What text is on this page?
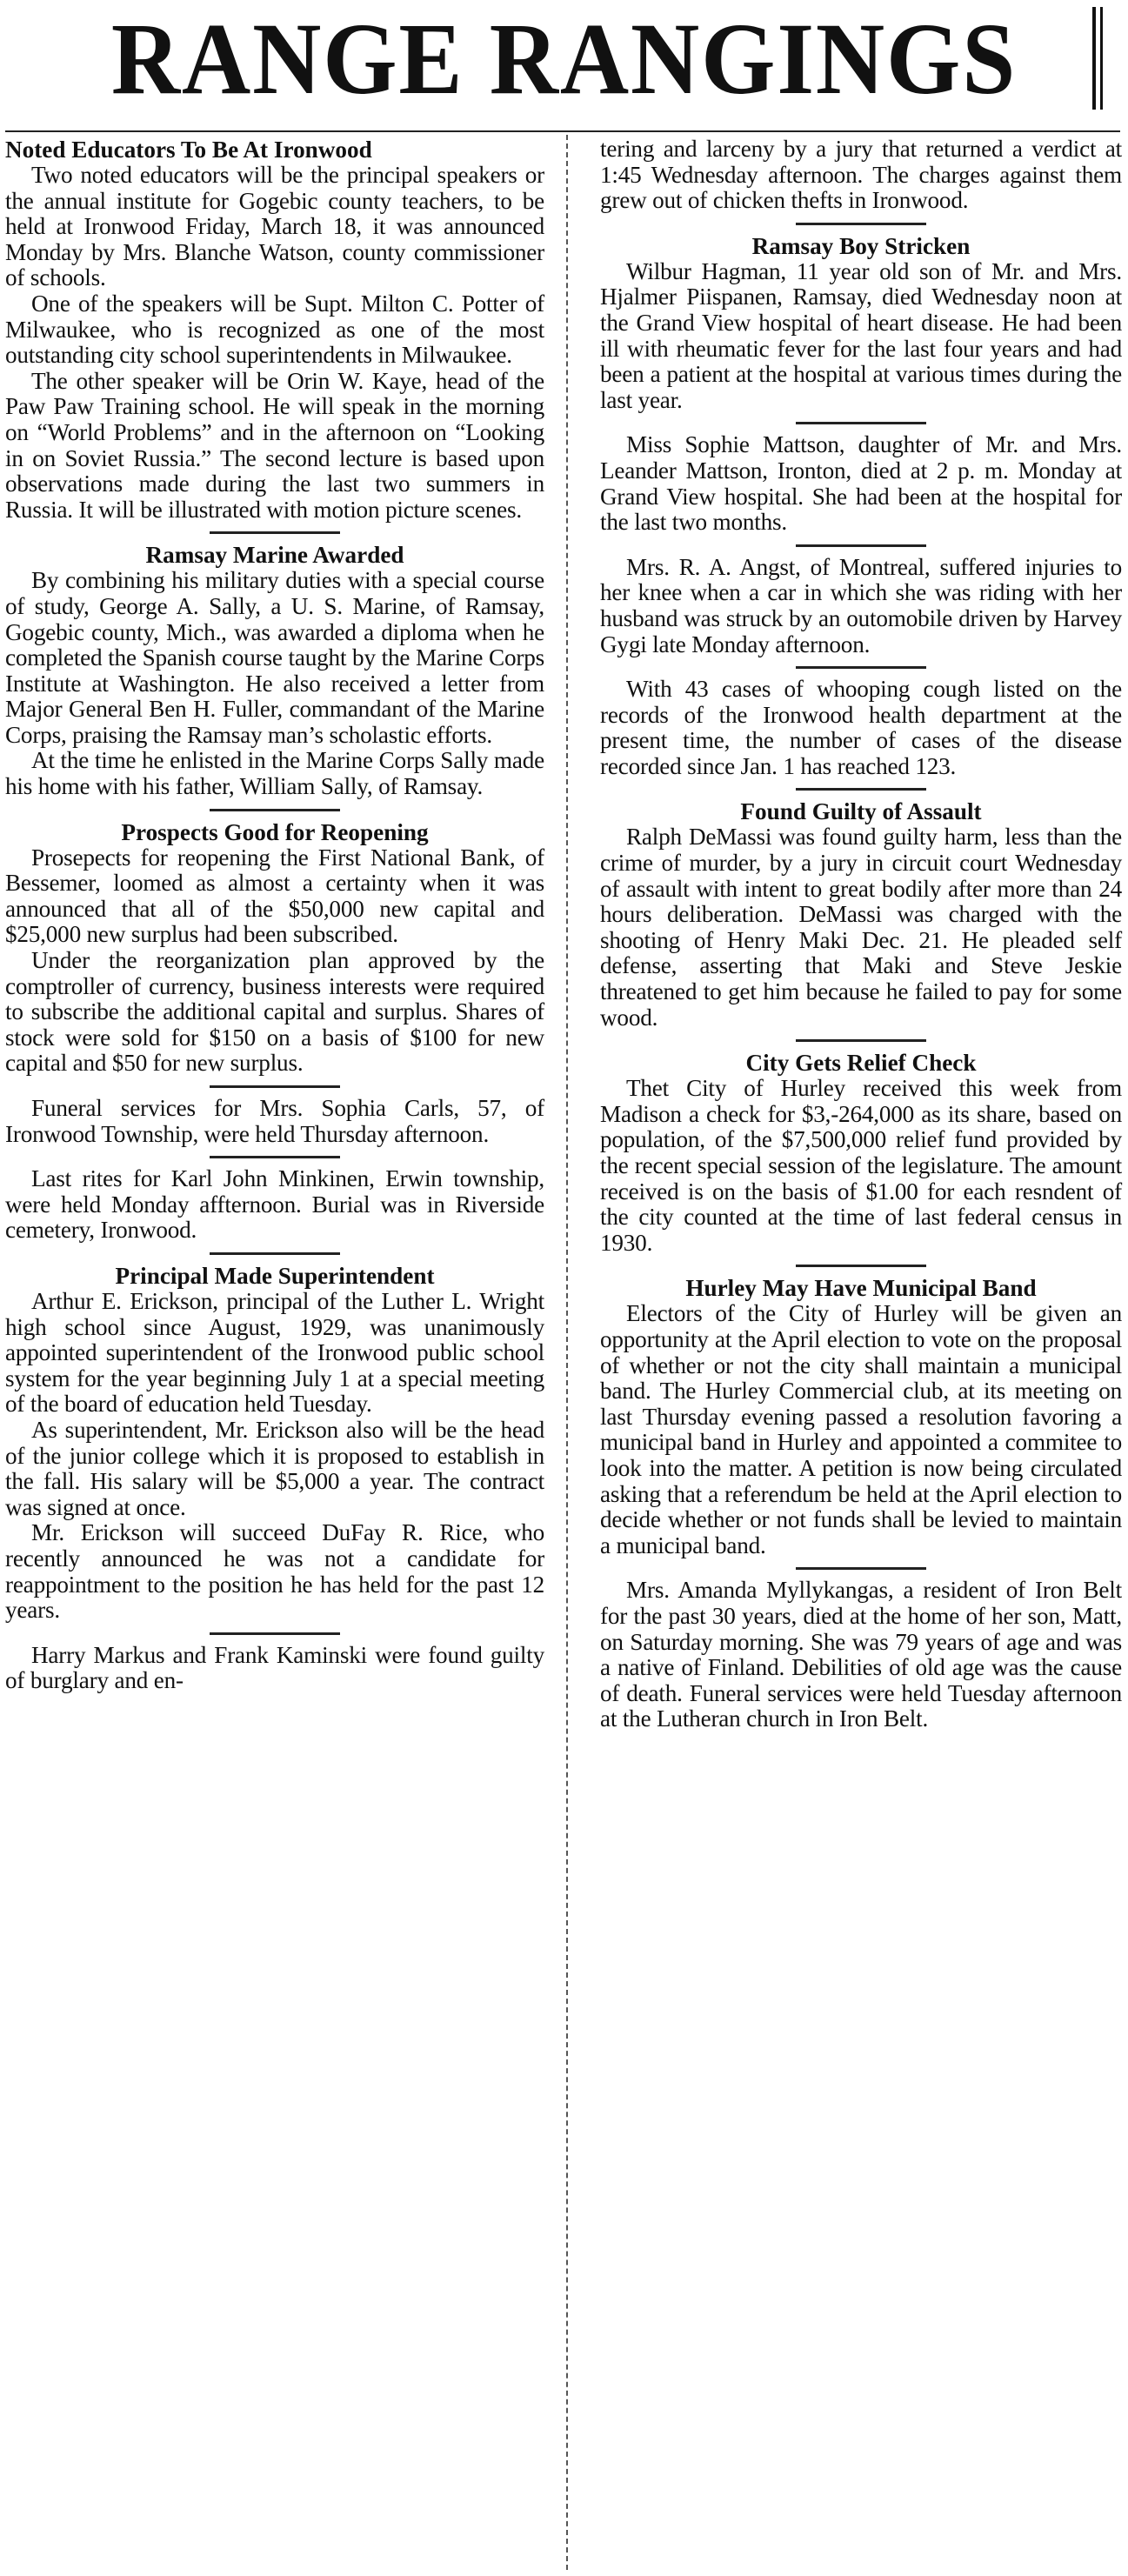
RANGE RANGINGS
Noted Educators To Be At Ironwood

Two noted educators will be the principal speakers or the annual institute for Gogebic county teachers, to be held at Ironwood Friday, March 18, it was announced Monday by Mrs. Blanche Watson, county commissioner of schools.

One of the speakers will be Supt. Milton C. Potter of Milwaukee, who is recognized as one of the most outstanding city school superintendents in Milwaukee.

The other speaker will be Orin W. Kaye, head of the Paw Paw Training school. He will speak in the morning on “World Problems” and in the afternoon on “Looking in on Soviet Russia.” The second lecture is based upon observations made during the last two summers in Russia. It will be illustrated with motion picture scenes.

Ramsay Marine Awarded

By combining his military duties with a special course of study, George A. Sally, a U. S. Marine, of Ramsay, Gogebic county, Mich., was awarded a diploma when he completed the Spanish course taught by the Marine Corps Institute at Washington. He also received a letter from Major General Ben H. Fuller, commandant of the Marine Corps, praising the Ramsay man’s scholastic efforts.

At the time he enlisted in the Marine Corps Sally made his home with his father, William Sally, of Ramsay.

Prospects Good for Reopening

Prosepects for reopening the First National Bank, of Bessemer, loomed as almost a certainty when it was announced that all of the $50,000 new capital and $25,000 new surplus had been subscribed.

Under the reorganization plan approved by the comptroller of currency, business interests were required to subscribe the additional capital and surplus. Shares of stock were sold for $150 on a basis of $100 for new capital and $50 for new surplus.

Funeral services for Mrs. Sophia Carls, 57, of Ironwood Township, were held Thursday afternoon.

Last rites for Karl John Minkinen, Erwin township, were held Monday affternoon. Burial was in Riverside cemetery, Ironwood.

Principal Made Superintendent

Arthur E. Erickson, principal of the Luther L. Wright high school since August, 1929, was unanimously appointed superintendent of the Ironwood public school system for the year beginning July 1 at a special meeting of the board of education held Tuesday.

As superintendent, Mr. Erickson also will be the head of the junior college which it is proposed to establish in the fall. His salary will be $5,000 a year. The contract was signed at once.

Mr. Erickson will succeed DuFay R. Rice, who recently announced he was not a candidate for reappointment to the position he has held for the past 12 years.

Harry Markus and Frank Kaminski were found guilty of burglary and en-

tering and larceny by a jury that returned a verdict at 1:45 Wednesday afternoon. The charges against them grew out of chicken thefts in Ironwood.

Ramsay Boy Stricken

Wilbur Hagman, 11 year old son of Mr. and Mrs. Hjalmer Piispanen, Ramsay, died Wednesday noon at the Grand View hospital of heart disease. He had been ill with rheumatic fever for the last four years and had been a patient at the hospital at various times during the last year.

Miss Sophie Mattson, daughter of Mr. and Mrs. Leander Mattson, Ironton, died at 2 p. m. Monday at Grand View hospital. She had been at the hospital for the last two months.

Mrs. R. A. Angst, of Montreal, suffered injuries to her knee when a car in which she was riding with her husband was struck by an outomobile driven by Harvey Gygi late Monday afternoon.

With 43 cases of whooping cough listed on the records of the Ironwood health department at the present time, the number of cases of the disease recorded since Jan. 1 has reached 123.

Found Guilty of Assault

Ralph DeMassi was found guilty harm, less than the crime of murder, by a jury in circuit court Wednesday of assault with intent to great bodily after more than 24 hours deliberation. DeMassi was charged with the shooting of Henry Maki Dec. 21. He pleaded self defense, asserting that Maki and Steve Jeskie threatened to get him because he failed to pay for some wood.

City Gets Relief Check

Thet City of Hurley received this week from Madison a check for $3,-264,000 as its share, based on population, of the $7,500,000 relief fund provided by the recent special session of the legislature. The amount received is on the basis of $1.00 for each resndent of the city counted at the time of last federal census in 1930.

Hurley May Have Municipal Band

Electors of the City of Hurley will be given an opportunity at the April election to vote on the proposal of whether or not the city shall maintain a municipal band. The Hurley Commercial club, at its meeting on last Thursday evening passed a resolution favoring a municipal band in Hurley and appointed a commitee to look into the matter. A petition is now being circulated asking that a referendum be held at the April election to decide whether or not funds shall be levied to maintain a municipal band.

Mrs. Amanda Myllykangas, a resident of Iron Belt for the past 30 years, died at the home of her son, Matt, on Saturday morning. She was 79 years of age and was a native of Finland. Debilities of old age was the cause of death. Funeral services were held Tuesday afternoon at the Lutheran church in Iron Belt.
